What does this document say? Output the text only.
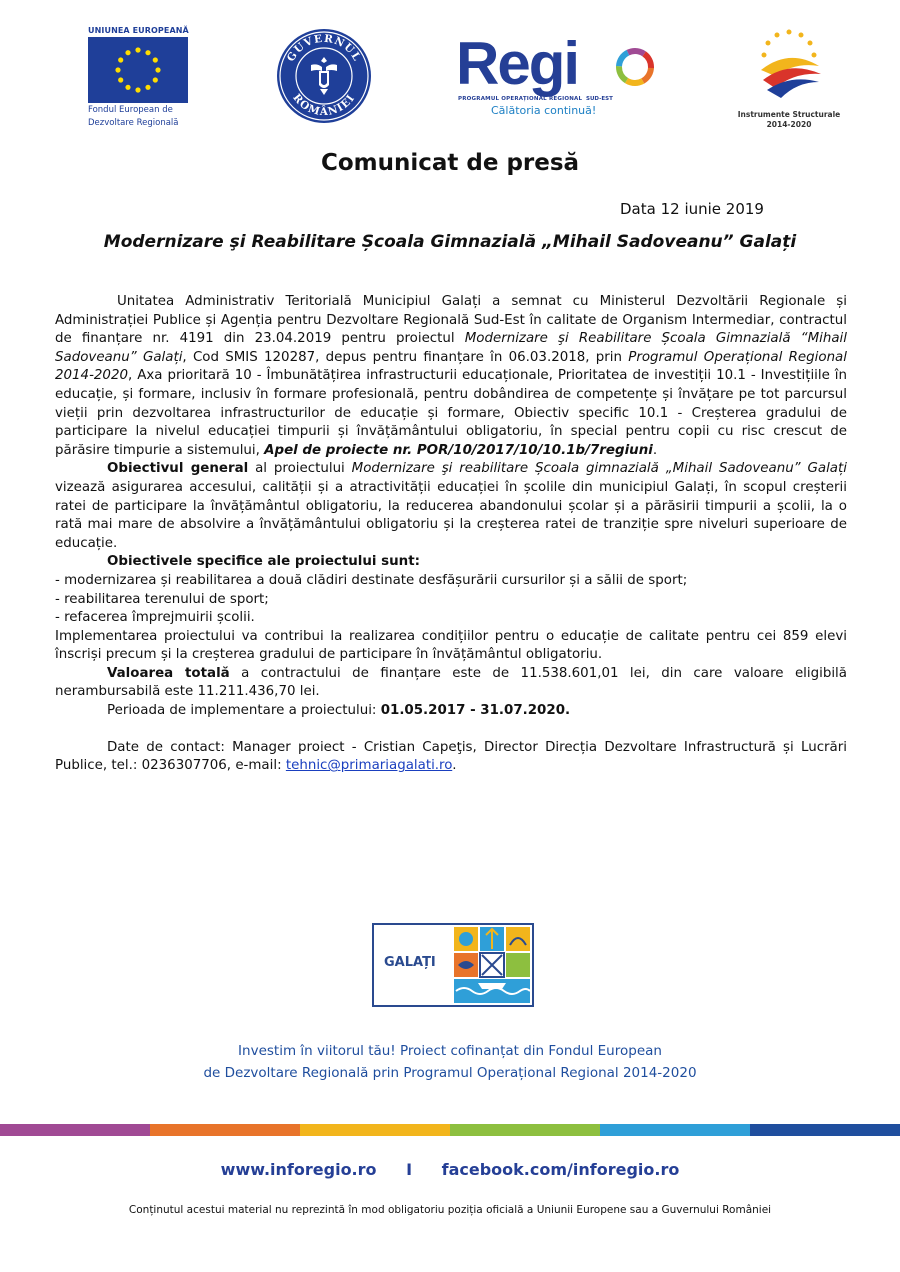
UNIUNEA EUROPEANĂ
Fondul European de
Dezvoltare Regională
GUVERNUL
ROMÂNIEI
Regi
PROGRAMUL OPERAȚIONAL REGIONAL SUD-EST
Călătoria continuă!	Instrumente Structurale
2014-2020
Comunicat de presă
Data 12 iunie 2019
Modernizare şi Reabilitare Școala Gimnazială „Mihail Sadoveanu” Galați

Unitatea Administrativ Teritorială Municipiul Galați a semnat cu Ministerul Dezvoltării Regionale și Administrației Publice și Agenția pentru Dezvoltare Regională Sud-Est în calitate de Organism Intermediar, contractul de finanțare nr. 4191 din 23.04.2019 pentru proiectul Modernizare şi Reabilitare Școala Gimnazială “Mihail Sadoveanu” Galați, Cod SMIS 120287, depus pentru finanțare în 06.03.2018, prin Programul Operațional Regional 2014-2020, Axa prioritară 10 - Îmbunătățirea infrastructurii educaționale, Prioritatea de investiții 10.1 - Investițiile în educație, și formare, inclusiv în formare profesională, pentru dobândirea de competențe și învățare pe tot parcursul vieții prin dezvoltarea infrastructurilor de educație și formare, Obiectiv specific 10.1 - Creșterea gradului de participare la nivelul educației timpurii și învățământului obligatoriu, în special pentru copii cu risc crescut de părăsire timpurie a sistemului, Apel de proiecte nr. POR/10/2017/10/10.1b/7regiuni.

Obiectivul general al proiectului Modernizare şi reabilitare Școala gimnazială „Mihail Sadoveanu” Galați vizează asigurarea accesului, calității și a atractivității educației în școlile din municipiul Galați, în scopul creșterii ratei de participare la învățământul obligatoriu, la reducerea abandonului școlar și a părăsirii timpurii a școlii, la o rată mai mare de absolvire a învățământului obligatoriu și la creșterea ratei de tranziție spre niveluri superioare de educație.

Obiectivele specifice ale proiectului sunt:

- modernizarea și reabilitarea a două clădiri destinate desfășurării cursurilor și a sălii de sport;

- reabilitarea terenului de sport;

- refacerea împrejmuirii școlii.

Implementarea proiectului va contribui la realizarea condițiilor pentru o educație de calitate pentru cei 859 elevi înscriși precum și la creșterea gradului de participare în învățământul obligatoriu.

Valoarea totală a contractului de finanțare este de 11.538.601,01 lei, din care valoare eligibilă nerambursabilă este 11.211.436,70 lei.

Perioada de implementare a proiectului: 01.05.2017 - 31.07.2020.

Date de contact: Manager proiect - Cristian Capeţis, Director Direcția Dezvoltare Infrastructură și Lucrări Publice, tel.: 0236307706, e-mail: tehnic@primariagalati.ro.

GALAȚI
Investim în viitorul tău! Proiect cofinanțat din Fondul European
de Dezvoltare Regională prin Programul Operațional Regional 2014-2020
www.inforegio.ro I facebook.com/inforegio.ro
Conținutul acestui material nu reprezintă în mod obligatoriu poziția oficială a Uniunii Europene sau a Guvernului României
